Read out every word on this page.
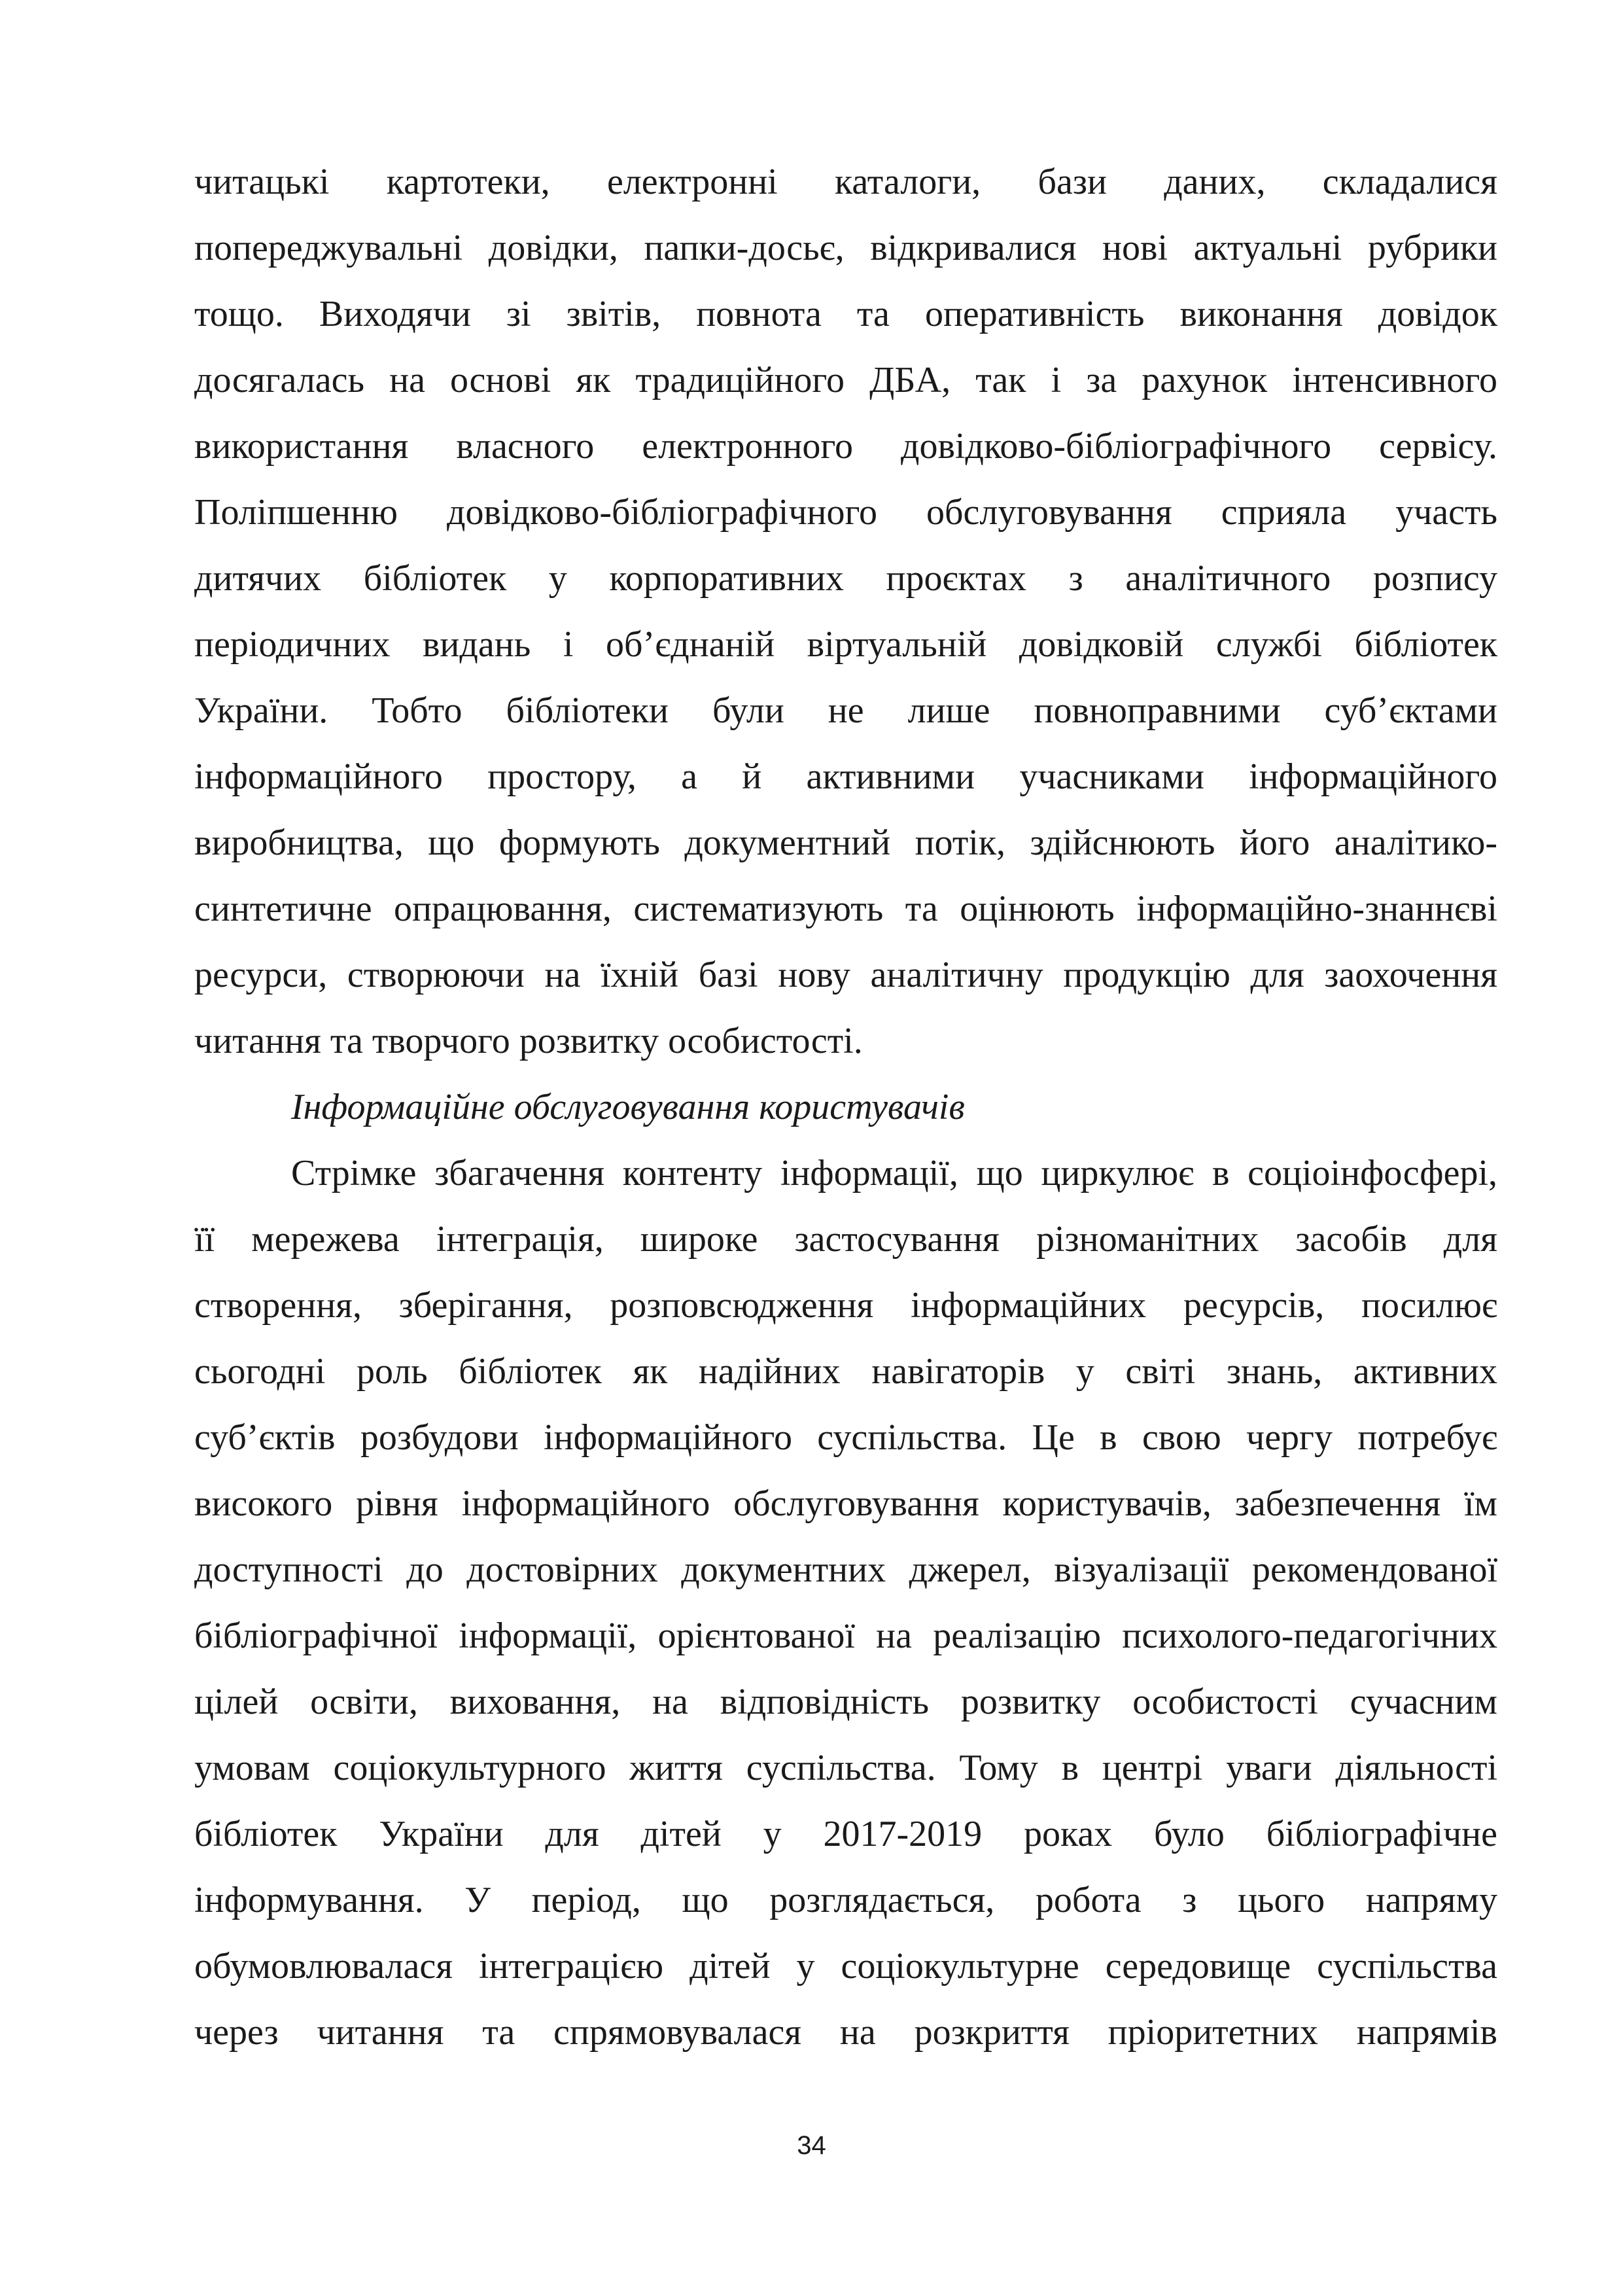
читацькі картотеки, електронні каталоги, бази даних, складалися
попереджувальні довідки, папки-досьє, відкривалися нові актуальні рубрики
тощо. Виходячи зі звітів, повнота та оперативність виконання довідок
досягалась на основі як традиційного ДБА, так і за рахунок інтенсивного
використання власного електронного довідково-бібліографічного сервісу.
Поліпшенню довідково-бібліографічного обслуговування сприяла участь
дитячих бібліотек у корпоративних проєктах з аналітичного розпису
періодичних видань і об’єднаній віртуальній довідковій службі бібліотек
України. Тобто бібліотеки були не лише повноправними суб’єктами
інформаційного простору, а й активними учасниками інформаційного
виробництва, що формують документний потік, здійснюють його аналітико-
синтетичне опрацювання, систематизують та оцінюють інформаційно-знаннєві
ресурси, створюючи на їхній базі нову аналітичну продукцію для заохочення
читання та творчого розвитку особистості.

Інформаційне обслуговування користувачів

Стрімке збагачення контенту інформації, що циркулює в соціоінфосфері,
її мережева інтеграція, широке застосування різноманітних засобів для
створення, зберігання, розповсюдження інформаційних ресурсів, посилює
сьогодні роль бібліотек як надійних навігаторів у світі знань, активних
суб’єктів розбудови інформаційного суспільства. Це в свою чергу потребує
високого рівня інформаційного обслуговування користувачів, забезпечення їм
доступності до достовірних документних джерел, візуалізації рекомендованої
бібліографічної інформації, орієнтованої на реалізацію психолого-педагогічних
цілей освіти, виховання, на відповідність розвитку особистості сучасним
умовам соціокультурного життя суспільства. Тому в центрі уваги діяльності
бібліотек України для дітей у 2017-2019 роках було бібліографічне
інформування. У період, що розглядається, робота з цього напряму
обумовлювалася інтеграцією дітей у соціокультурне середовище суспільства
через читання та спрямовувалася на розкриття пріоритетних напрямів

34
